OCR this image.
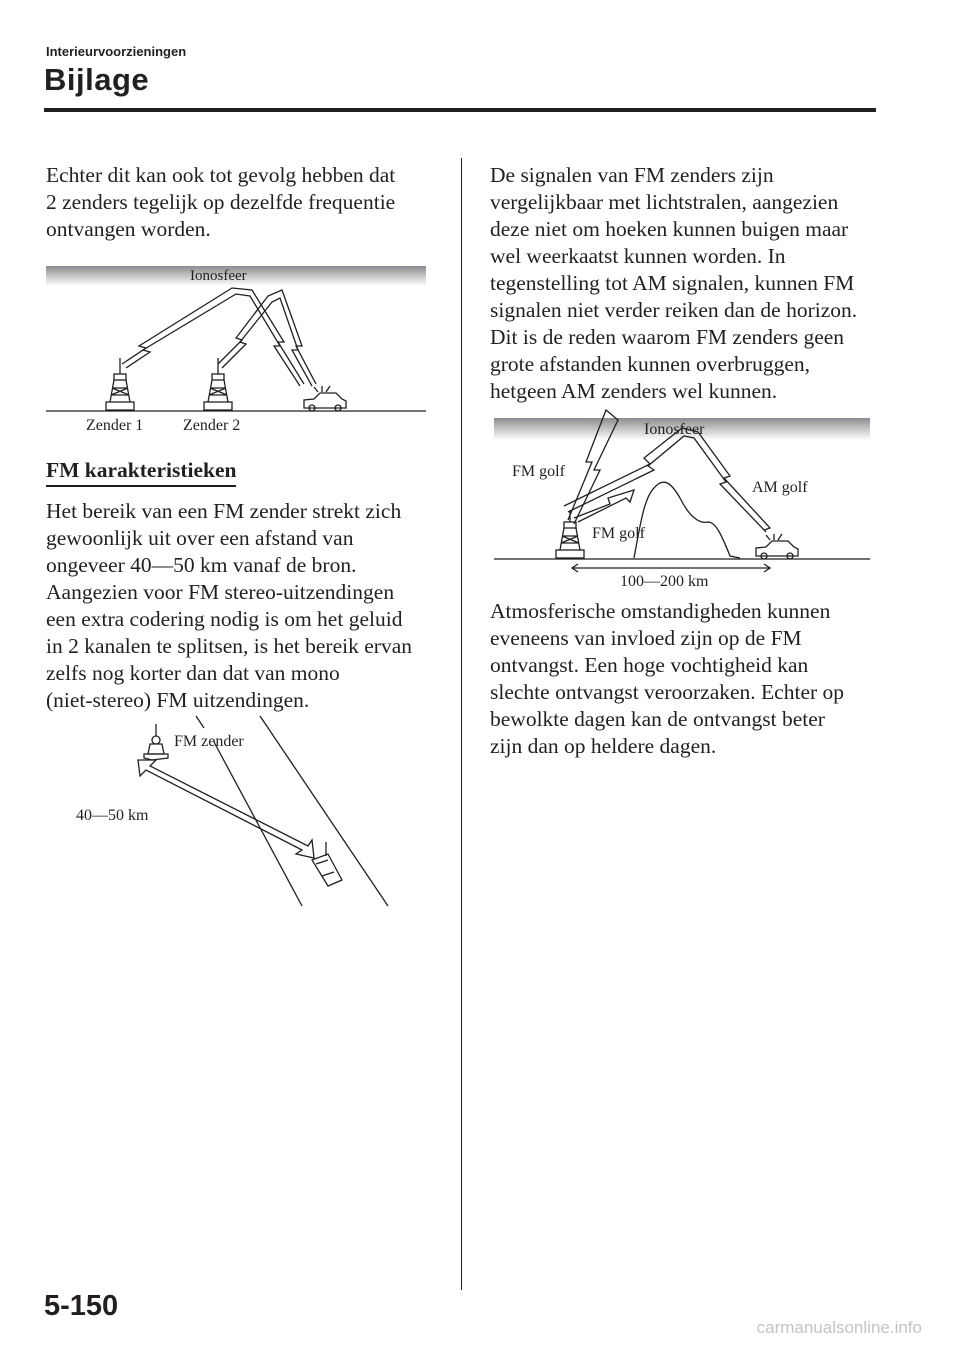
Interieurvoorzieningen
Bijlage

Echter dit kan ook tot gevolg hebben dat
2 zenders tegelijk op dezelfde frequentie
ontvangen worden.

Ionosfeer
Zender 1 Zender 2
FM karakteristieken

Het bereik van een FM zender strekt zich
gewoonlijk uit over een afstand van
ongeveer 40―50 km vanaf de bron.
Aangezien voor FM stereo-uitzendingen
een extra codering nodig is om het geluid
in 2 kanalen te splitsen, is het bereik ervan
zelfs nog korter dan dat van mono
(niet-stereo) FM uitzendingen.

FM zender
40―50 km

De signalen van FM zenders zijn
vergelijkbaar met lichtstralen, aangezien
deze niet om hoeken kunnen buigen maar
wel weerkaatst kunnen worden. In
tegenstelling tot AM signalen, kunnen FM
signalen niet verder reiken dan de horizon.
Dit is de reden waarom FM zenders geen
grote afstanden kunnen overbruggen,
hetgeen AM zenders wel kunnen.

Ionosfeer
FM golf
FM golf
AM golf
100―200 km

Atmosferische omstandigheden kunnen
eveneens van invloed zijn op de FM
ontvangst. Een hoge vochtigheid kan
slechte ontvangst veroorzaken. Echter op
bewolkte dagen kan de ontvangst beter
zijn dan op heldere dagen.

5-150
carmanualsonline.info
